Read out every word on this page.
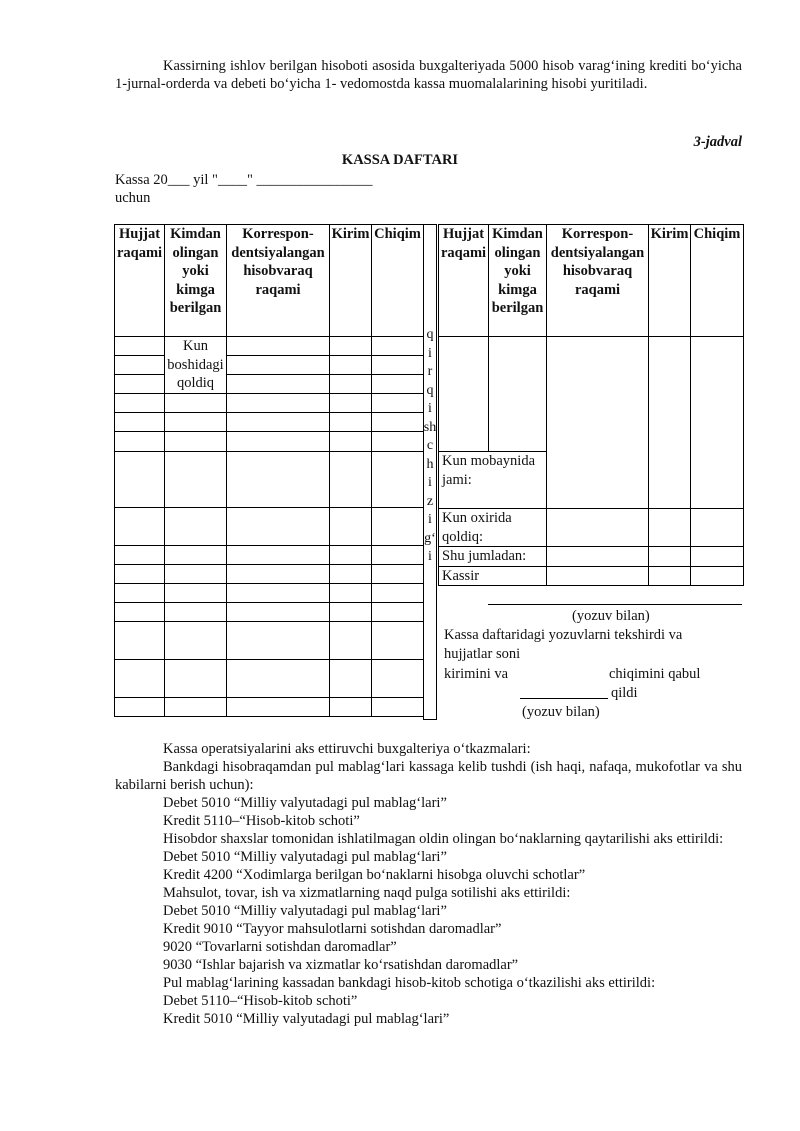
Kassirning ishlov berilgan hisoboti asosida buxgalteriyada 5000 hisob varag‘ining krediti bo‘yicha 1-jurnal-orderda va debeti bo‘yicha 1- vedomostda kassa muomalalarining hisobi yuritiladi.

3-jadval
KASSA DAFTARI
Kassa 20___ yil "____" ________________
uchun
Hujjat raqami	Kimdan olingan yoki kimga berilgan	Korrespon-dentsiyalangan hisobvaraq raqami	Kirim	Chiqim
	Kun boshidagi qoldiq			

q
i
r
q
i
sh
c
h
i
z
i
g‘
i
Hujjat raqami	Kimdan olingan yoki kimga berilgan	Korrespon-dentsiyalangan hisobvaraq raqami	Kirim	Chiqim

Kun mobaynida jami:				
Kun oxirida qoldiq:				
Shu jumladan:				
Kassir				
(yozuv bilan)
Kassa daftaridagi yozuvlarni tekshirdi va
hujjatlar soni
kirimini va	chiqimini qabul
qildi
(yozuv bilan)

Kassa operatsiyalarini aks ettiruvchi buxgalteriya o‘tkazmalari:

Bankdagi hisobraqamdan pul mablag‘lari kassaga kelib tushdi (ish haqi, nafaqa, mukofotlar va shu kabilarni berish uchun):

Debet 5010 “Milliy valyutadagi pul mablag‘lari”

Kredit 5110–“Hisob-kitob schoti”

Hisobdor shaxslar tomonidan ishlatilmagan oldin olingan bo‘naklarning qaytarilishi aks ettirildi:

Debet 5010 “Milliy valyutadagi pul mablag‘lari”

Kredit 4200 “Xodimlarga berilgan bo‘naklarni hisobga oluvchi schotlar”

Mahsulot, tovar, ish va xizmatlarning naqd pulga sotilishi aks ettirildi:

Debet 5010 “Milliy valyutadagi pul mablag‘lari”

Kredit 9010 “Tayyor mahsulotlarni sotishdan daromadlar”

9020 “Tovarlarni sotishdan daromadlar”

9030 “Ishlar bajarish va xizmatlar ko‘rsatishdan daromadlar”

Pul mablag‘larining kassadan bankdagi hisob-kitob schotiga o‘tkazilishi aks ettirildi:

Debet 5110–“Hisob-kitob schoti”

Kredit 5010 “Milliy valyutadagi pul mablag‘lari”
